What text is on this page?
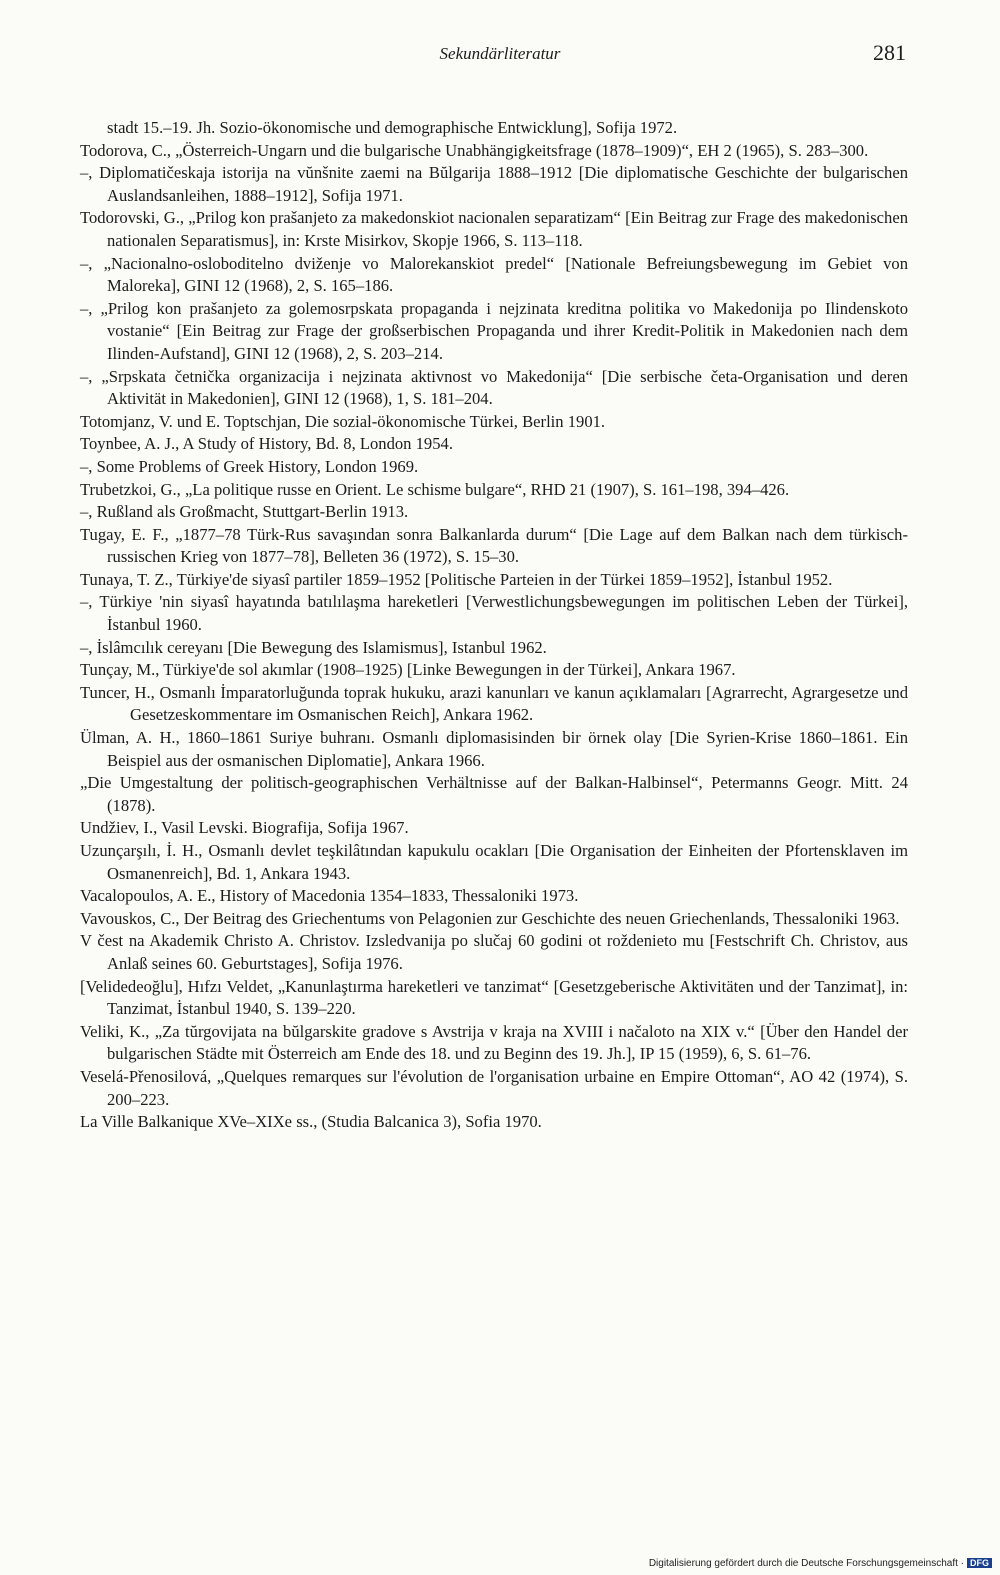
Sekundärliteratur	281

stadt 15.–19. Jh. Sozio-ökonomische und demographische Entwicklung], Sofija 1972.

Todorova, C., „Österreich-Ungarn und die bulgarische Unabhängigkeitsfrage (1878–1909)“, EH 2 (1965), S. 283–300.

–, Diplomatičeskaja istorija na vŭnšnite zaemi na Bŭlgarija 1888–1912 [Die diplomatische Geschichte der bulgarischen Auslandsanleihen, 1888–1912], Sofija 1971.

Todorovski, G., „Prilog kon prašanjeto za makedonskiot nacionalen separatizam“ [Ein Beitrag zur Frage des makedonischen nationalen Separatismus], in: Krste Misirkov, Skopje 1966, S. 113–118.

–, „Nacionalno-osloboditelno dviženje vo Malorekanskiot predel“ [Nationale Befreiungsbewegung im Gebiet von Maloreka], GINI 12 (1968), 2, S. 165–186.

–, „Prilog kon prašanjeto za golemosrpskata propaganda i nejzinata kreditna politika vo Makedonija po Ilindenskoto vostanie“ [Ein Beitrag zur Frage der großserbischen Propaganda und ihrer Kredit-Politik in Makedonien nach dem Ilinden-Aufstand], GINI 12 (1968), 2, S. 203–214.

–, „Srpskata četnička organizacija i nejzinata aktivnost vo Makedonija“ [Die serbische četa-Organisation und deren Aktivität in Makedonien], GINI 12 (1968), 1, S. 181–204.

Totomjanz, V. und E. Toptschjan, Die sozial-ökonomische Türkei, Berlin 1901.

Toynbee, A. J., A Study of History, Bd. 8, London 1954.

–, Some Problems of Greek History, London 1969.

Trubetzkoi, G., „La politique russe en Orient. Le schisme bulgare“, RHD 21 (1907), S. 161–198, 394–426.

–, Rußland als Großmacht, Stuttgart-Berlin 1913.

Tugay, E. F., „1877–78 Türk-Rus savaşından sonra Balkanlarda durum“ [Die Lage auf dem Balkan nach dem türkisch-russischen Krieg von 1877–78], Belleten 36 (1972), S. 15–30.

Tunaya, T. Z., Türkiye'de siyasî partiler 1859–1952 [Politische Parteien in der Türkei 1859–1952], İstanbul 1952.

–, Türkiye 'nin siyasî hayatında batılılaşma hareketleri [Verwestlichungsbewegungen im politischen Leben der Türkei], İstanbul 1960.

–, İslâmcılık cereyanı [Die Bewegung des Islamismus], Istanbul 1962.

Tunçay, M., Türkiye'de sol akımlar (1908–1925) [Linke Bewegungen in der Türkei], Ankara 1967.

Tuncer, H., Osmanlı İmparatorluğunda toprak hukuku, arazi kanunları ve kanun açıklamaları [Agrarrecht, Agrargesetze und Gesetzeskommentare im Osmanischen Reich], Ankara 1962.

Ülman, A. H., 1860–1861 Suriye buhranı. Osmanlı diplomasisinden bir örnek olay [Die Syrien-Krise 1860–1861. Ein Beispiel aus der osmanischen Diplomatie], Ankara 1966.

„Die Umgestaltung der politisch-geographischen Verhältnisse auf der Balkan-Halbinsel“, Petermanns Geogr. Mitt. 24 (1878).

Undžiev, I., Vasil Levski. Biografija, Sofija 1967.

Uzunçarşılı, İ. H., Osmanlı devlet teşkilâtından kapukulu ocakları [Die Organisation der Einheiten der Pfortensklaven im Osmanenreich], Bd. 1, Ankara 1943.

Vacalopoulos, A. E., History of Macedonia 1354–1833, Thessaloniki 1973.

Vavouskos, C., Der Beitrag des Griechentums von Pelagonien zur Geschichte des neuen Griechenlands, Thessaloniki 1963.

V čest na Akademik Christo A. Christov. Izsledvanija po slučaj 60 godini ot roždenieto mu [Festschrift Ch. Christov, aus Anlaß seines 60. Geburtstages], Sofija 1976.

[Velidedeoğlu], Hıfzı Veldet, „Kanunlaştırma hareketleri ve tanzimat“ [Gesetzgeberische Aktivitäten und der Tanzimat], in: Tanzimat, İstanbul 1940, S. 139–220.

Veliki, K., „Za tŭrgovijata na bŭlgarskite gradove s Avstrija v kraja na XVIII i načaloto na XIX v.“ [Über den Handel der bulgarischen Städte mit Österreich am Ende des 18. und zu Beginn des 19. Jh.], IP 15 (1959), 6, S. 61–76.

Veselá-Přenosilová, „Quelques remarques sur l'évolution de l'organisation urbaine en Empire Ottoman“, AO 42 (1974), S. 200–223.

La Ville Balkanique XVe–XIXe ss., (Studia Balcanica 3), Sofia 1970.

Digitalisierung gefördert durch die Deutsche Forschungsgemeinschaft · DFG
